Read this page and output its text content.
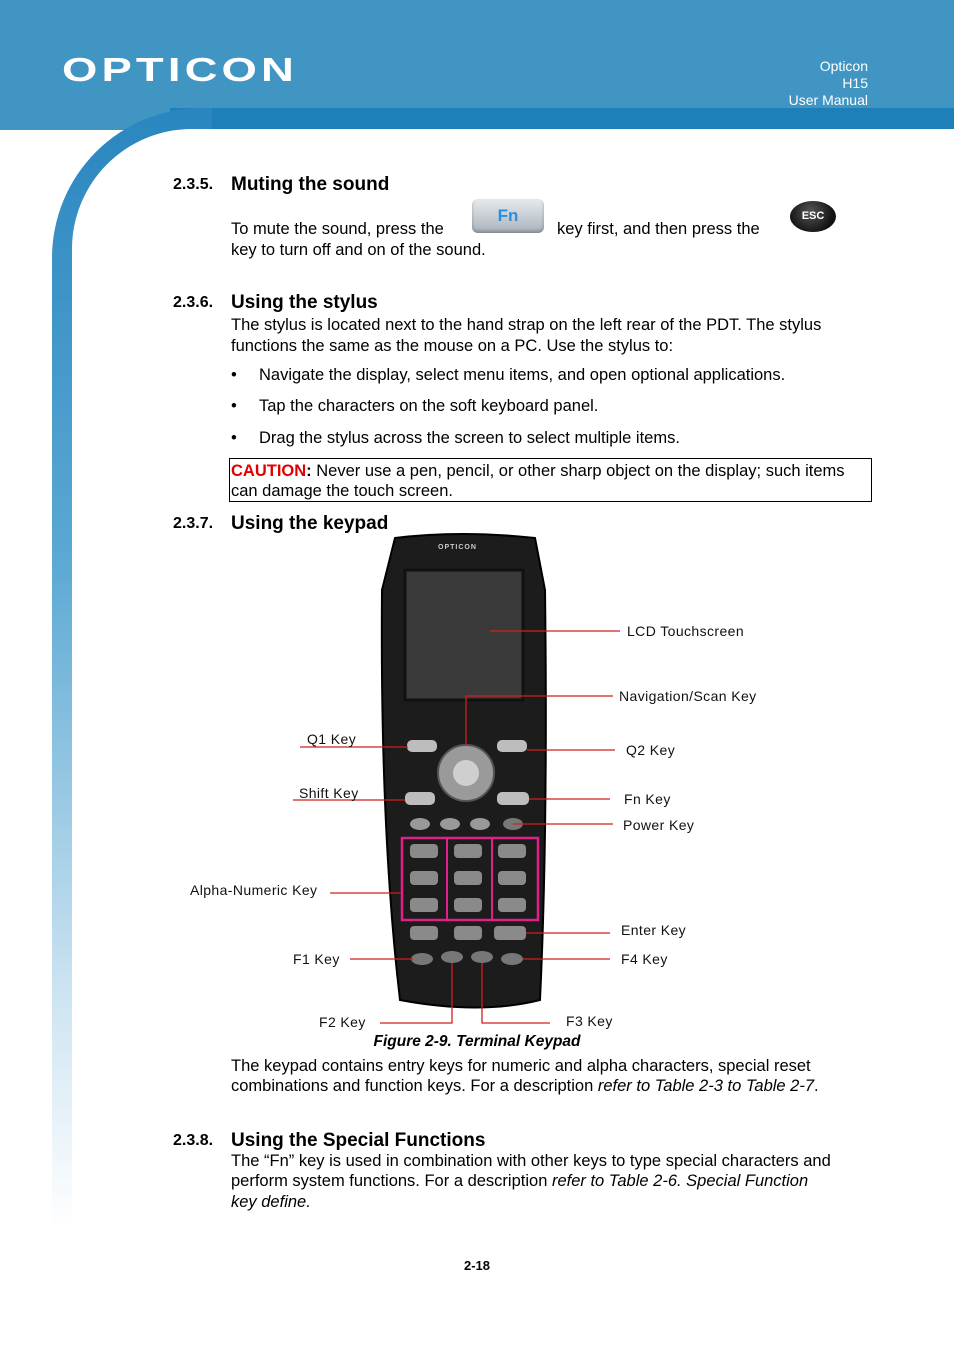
OPTICON	Opticon
H15
User Manual
2.3.5. Muting the sound
To mute the sound, press the
Fn
key first, and then press the
ESC
key to turn off and on of the sound.
2.3.6. Using the stylus
The stylus is located next to the hand strap on the left rear of the PDT. The stylus functions the same as the mouse on a PC. Use the stylus to:
• Navigate the display, select menu items, and open optional applications.
• Tap the characters on the soft keyboard panel.
• Drag the stylus across the screen to select multiple items.
CAUTION: Never use a pen, pencil, or other sharp object on the display; such items can damage the touch screen.
2.3.7. Using the keypad
OPTICON
LCD Touchscreen
Navigation/Scan Key
Q1 Key
Q2 Key
Shift Key	Fn Key
Power Key
Alpha-Numeric Key
Enter Key
F1 Key	F4 Key
F2 Key	F3 Key
Figure 2-9. Terminal Keypad
The keypad contains entry keys for numeric and alpha characters, special reset
combinations and function keys. For a description refer to Table 2-3 to Table 2-7.
2.3.8. Using the Special Functions
The “Fn” key is used in combination with other keys to type special characters and
perform system functions. For a description refer to Table 2-6. Special Function
key define.
2-18
